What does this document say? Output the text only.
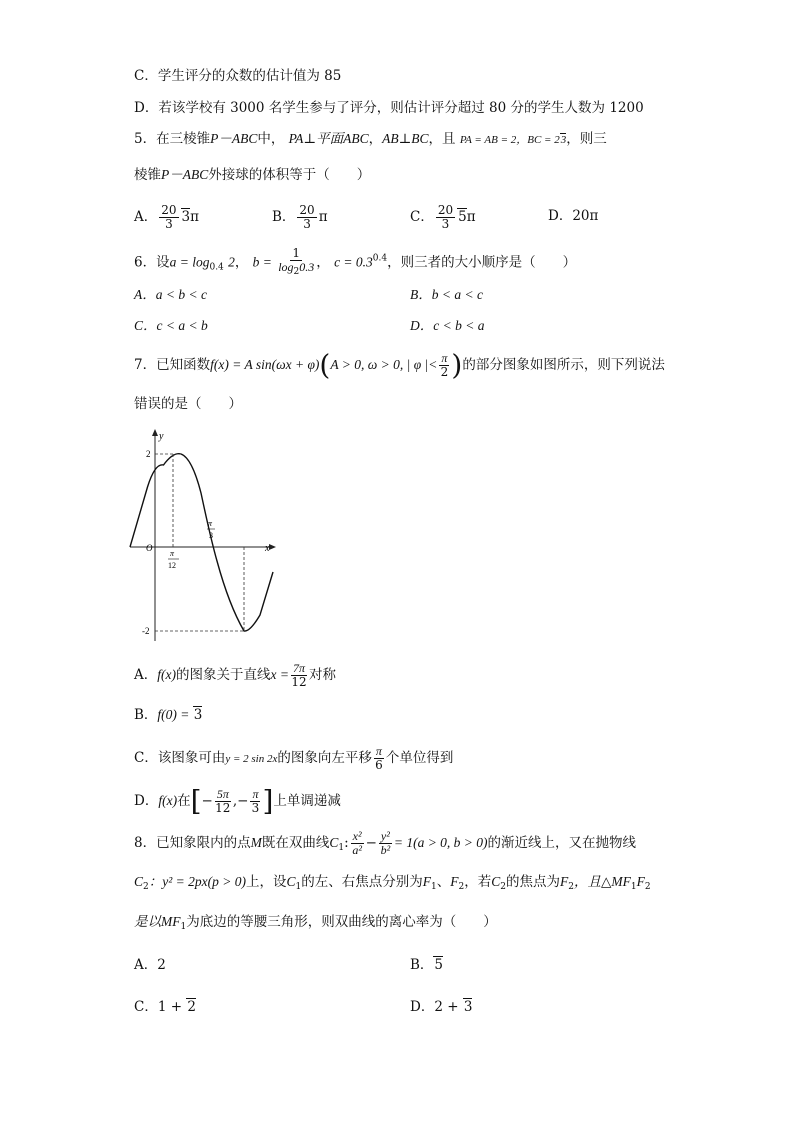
C．学生评分的众数的估计值为 85
D．若该学校有 3000 名学生参与了评分，则估计评分超过 80 分的学生人数为 1200
5．在三棱锥P－ABC中， PA⊥平面ABC，AB⊥BC，且 PA = AB = 2，BC = 23，则三
棱锥P－ABC外接球的体积等于（　　）
A． $\frac{20}{3} 3\pi$	B． $\frac{20}{3}$ π	C． $\frac{20}{3} 5\pi$	D．20π
6．设$a = \log_{0.4} 2$， $b = \frac{1}{\log_20.3}$ ， $c = 0.3^{0.4}$，则三者的大小顺序是（　　）
A．a < b < c	B．b < a < c
C．c < a < b	D．c < b < a
7．已知函数f(x) = A sin(ωx + φ)(A > 0, ω > 0, | φ |< $\frac{\pi}{2}$ )的部分图象如图所示，则下列说法
错误的是（　　）
y
x
O
2
-2
π
12
π
3
A．f(x)的图象关于直线$x = \frac{7\pi}{12}$ 对称
B．f(0) = 3
C．该图象可由y = 2 sin 2x的图象向左平移 $\frac{\pi}{6}$ 个单位得到
D．f(x)在[− $\frac{5\pi}{12}$ ,− $\frac{\pi}{3}$ ]上单调递减
8．已知象限内的点M既在双曲线$C_1$: $\frac{\text{x²}}{\text{a²}} - \frac{\text{y²}}{\text{b²}} = 1(a > 0$, b > 0)的渐近线上，又在抛物线
$C_2$：y² = 2px(p > 0)上，设$C_1$的左、右焦点分别为$F_1$、$F_2$，若$C_2$的焦点为$F_2$，且$\triangle MF_1F_2$
是以$MF_1$为底边的等腰三角形，则双曲线的离心率为（　　）
A．2	B．5
C．1 + 2	D．2 + 3
